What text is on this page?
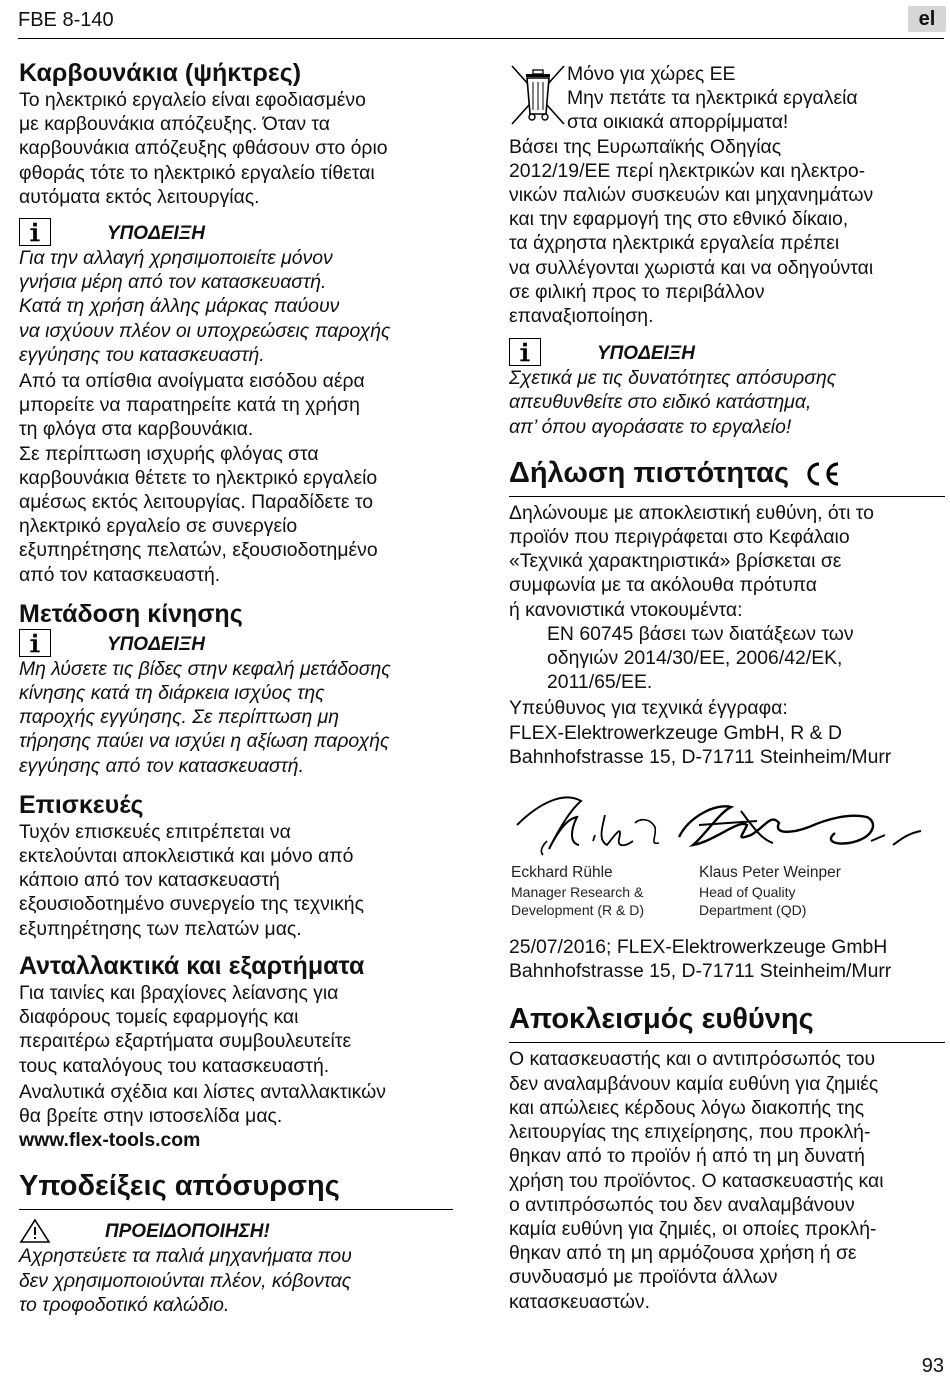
FBE 8-140	el
Καρβουνάκια (ψήκτρες)

Το ηλεκτρικό εργαλείο είναι εφοδιασμένο
με καρβουνάκια απόζευξης. Όταν τα
καρβουνάκια απόζευξης φθάσουν στο όριο
φθοράς τότε το ηλεκτρικό εργαλείο τίθεται
αυτόματα εκτός λειτουργίας.

ΥΠΟΔΕΙΞΗ

Για την αλλαγή χρησιμοποιείτε μόνον
γνήσια μέρη από τον κατασκευαστή.
Κατά τη χρήση άλλης μάρκας παύουν
να ισχύουν πλέον οι υποχρεώσεις παροχής
εγγύησης του κατασκευαστή.

Από τα οπίσθια ανοίγματα εισόδου αέρα
μπορείτε να παρατηρείτε κατά τη χρήση
τη φλόγα στα καρβουνάκια.

Σε περίπτωση ισχυρής φλόγας στα
καρβουνάκια θέτετε το ηλεκτρικό εργαλείο
αμέσως εκτός λειτουργίας. Παραδίδετε το
ηλεκτρικό εργαλείο σε συνεργείο
εξυπηρέτησης πελατών, εξουσιοδοτημένο
από τον κατασκευαστή.

Μετάδοση κίνησης
ΥΠΟΔΕΙΞΗ

Μη λύσετε τις βίδες στην κεφαλή μετάδοσης
κίνησης κατά τη διάρκεια ισχύος της
παροχής εγγύησης. Σε περίπτωση μη
τήρησης παύει να ισχύει η αξίωση παροχής
εγγύησης από τον κατασκευαστή.

Επισκευές

Τυχόν επισκευές επιτρέπεται να
εκτελούνται αποκλειστικά και μόνο από
κάποιο από τον κατασκευαστή
εξουσιοδοτημένο συνεργείο της τεχνικής
εξυπηρέτησης των πελατών μας.

Ανταλλακτικά και εξαρτήματα

Για ταινίες και βραχίονες λείανσης για
διαφόρους τομείς εφαρμογής και
περαιτέρω εξαρτήματα συμβουλευτείτε
τους καταλόγους του κατασκευαστή.

Αναλυτικά σχέδια και λίστες ανταλλακτικών
θα βρείτε στην ιστοσελίδα μας.

www.flex-tools.com

Υποδείξεις απόσυρσης
ΠΡΟΕΙΔΟΠΟΙΗΣΗ!

Αχρηστεύετε τα παλιά μηχανήματα που
δεν χρησιμοποιούνται πλέον, κόβοντας
το τροφοδοτικό καλώδιο.

Μόνο για χώρες ΕΕ
Μην πετάτε τα ηλεκτρικά εργαλεία
στα οικιακά απορρίμματα!

Βάσει της Ευρωπαϊκής Οδηγίας
2012/19/ΕΕ περί ηλεκτρικών και ηλεκτρο-
νικών παλιών συσκευών και μηχανημάτων
και την εφαρμογή της στο εθνικό δίκαιο,
τα άχρηστα ηλεκτρικά εργαλεία πρέπει
να συλλέγονται χωριστά και να οδηγούνται
σε φιλική προς το περιβάλλον
επαναξιοποίηση.

ΥΠΟΔΕΙΞΗ

Σχετικά με τις δυνατότητες απόσυρσης
απευθυνθείτε στο ειδικό κατάστημα,
απ’ όπου αγοράσατε το εργαλείο!

Δήλωση πιστότητας

Δηλώνουμε με αποκλειστική ευθύνη, ότι το
προϊόν που περιγράφεται στο Κεφάλαιο
«Τεχνικά χαρακτηριστικά» βρίσκεται σε
συμφωνία με τα ακόλουθα πρότυπα
ή κανονιστικά ντοκουμέντα:

EN 60745 βάσει των διατάξεων των
οδηγιών 2014/30/ΕΕ, 2006/42/ΕΚ,
2011/65/ΕΕ.

Υπεύθυνος για τεχνικά έγγραφα:
FLEX-Elektrowerkzeuge GmbH, R & D
Bahnhofstrasse 15, D-71711 Steinheim/Murr

Eckhard Rühle	Klaus Peter Weinper
Manager Research &
Development (R & D)
Head of Quality
Department (QD)

25/07/2016; FLEX-Elektrowerkzeuge GmbH
Bahnhofstrasse 15, D-71711 Steinheim/Murr

Αποκλεισμός ευθύνης

Ο κατασκευαστής και ο αντιπρόσωπός του
δεν αναλαμβάνουν καμία ευθύνη για ζημιές
και απώλειες κέρδους λόγω διακοπής της
λειτουργίας της επιχείρησης, που προκλή-
θηκαν από το προϊόν ή από τη μη δυνατή
χρήση του προϊόντος. Ο κατασκευαστής και
ο αντιπρόσωπός του δεν αναλαμβάνουν
καμία ευθύνη για ζημιές, οι οποίες προκλή-
θηκαν από τη μη αρμόζουσα χρήση ή σε
συνδυασμό με προϊόντα άλλων
κατασκευαστών.

93
